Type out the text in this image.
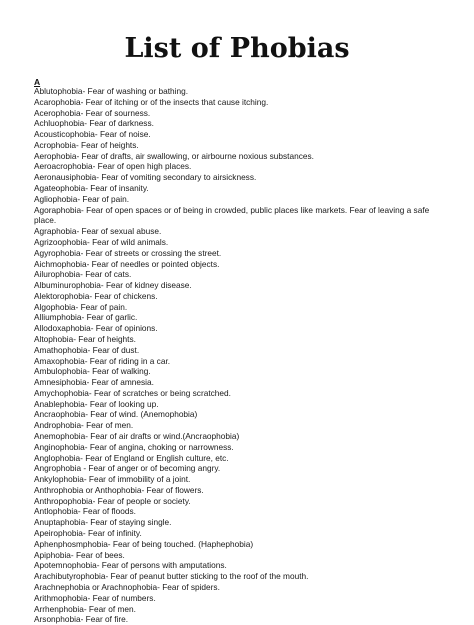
List of Phobias
A
Ablutophobia- Fear of washing or bathing.
Acarophobia- Fear of itching or of the insects that cause itching.
Acerophobia- Fear of sourness.
Achluophobia- Fear of darkness.
Acousticophobia- Fear of noise.
Acrophobia- Fear of heights.
Aerophobia- Fear of drafts, air swallowing, or airbourne noxious substances.
Aeroacrophobia- Fear of open high places.
Aeronausiphobia- Fear of vomiting secondary to airsickness.
Agateophobia- Fear of insanity.
Agliophobia- Fear of pain.
Agoraphobia- Fear of open spaces or of being in crowded, public places like markets. Fear of leaving a safe place.
Agraphobia- Fear of sexual abuse.
Agrizoophobia- Fear of wild animals.
Agyrophobia- Fear of streets or crossing the street.
Aichmophobia- Fear of needles or pointed objects.
Ailurophobia- Fear of cats.
Albuminurophobia- Fear of kidney disease.
Alektorophobia- Fear of chickens.
Algophobia- Fear of pain.
Alliumphobia- Fear of garlic.
Allodoxaphobia- Fear of opinions.
Altophobia- Fear of heights.
Amathophobia- Fear of dust.
Amaxophobia- Fear of riding in a car.
Ambulophobia- Fear of walking.
Amnesiphobia- Fear of amnesia.
Amychophobia- Fear of scratches or being scratched.
Anablephobia- Fear of looking up.
Ancraophobia- Fear of wind. (Anemophobia)
Androphobia- Fear of men.
Anemophobia- Fear of air drafts or wind.(Ancraophobia)
Anginophobia- Fear of angina, choking or narrowness.
Anglophobia- Fear of England or English culture, etc.
Angrophobia - Fear of anger or of becoming angry.
Ankylophobia- Fear of immobility of a joint.
Anthrophobia or Anthophobia- Fear of flowers.
Anthropophobia- Fear of people or society.
Antlophobia- Fear of floods.
Anuptaphobia- Fear of staying single.
Apeirophobia- Fear of infinity.
Aphenphosmphobia- Fear of being touched. (Haphephobia)
Apiphobia- Fear of bees.
Apotemnophobia- Fear of persons with amputations.
Arachibutyrophobia- Fear of peanut butter sticking to the roof of the mouth.
Arachnephobia or Arachnophobia- Fear of spiders.
Arithmophobia- Fear of numbers.
Arrhenphobia- Fear of men.
Arsonphobia- Fear of fire.
